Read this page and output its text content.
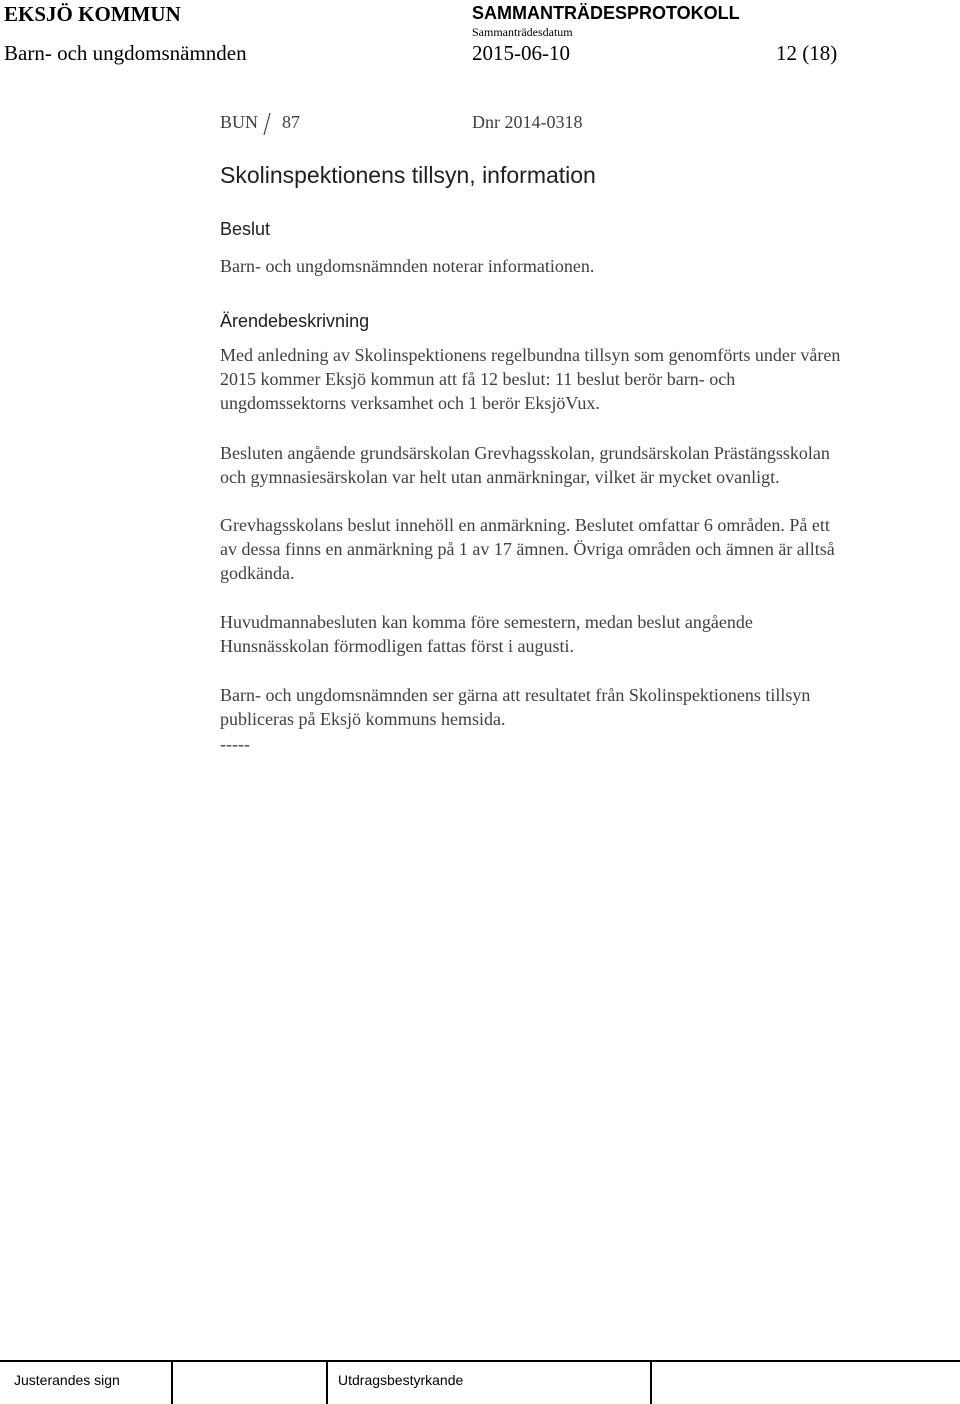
EKSJÖ KOMMUN	SAMMANTRÄDESPROTOKOLL
Sammanträdesdatum
Barn- och ungdomsnämnden	2015-06-10	12 (18)
BUN 87	Dnr 2014-0318
Skolinspektionens tillsyn, information
Beslut
Barn- och ungdomsnämnden noterar informationen.
Ärendebeskrivning
Med anledning av Skolinspektionens regelbundna tillsyn som genomförts under våren
2015 kommer Eksjö kommun att få 12 beslut: 11 beslut berör barn- och
ungdomssektorns verksamhet och 1 berör EksjöVux.
Besluten angående grundsärskolan Grevhagsskolan, grundsärskolan Prästängsskolan
och gymnasiesärskolan var helt utan anmärkningar, vilket är mycket ovanligt.
Grevhagsskolans beslut innehöll en anmärkning. Beslutet omfattar 6 områden. På ett
av dessa finns en anmärkning på 1 av 17 ämnen. Övriga områden och ämnen är alltså
godkända.
Huvudmannabesluten kan komma före semestern, medan beslut angående
Hunsnässkolan förmodligen fattas först i augusti.
Barn- och ungdomsnämnden ser gärna att resultatet från Skolinspektionens tillsyn
publiceras på Eksjö kommuns hemsida.
-----
Justerandes sign	Utdragsbestyrkande
